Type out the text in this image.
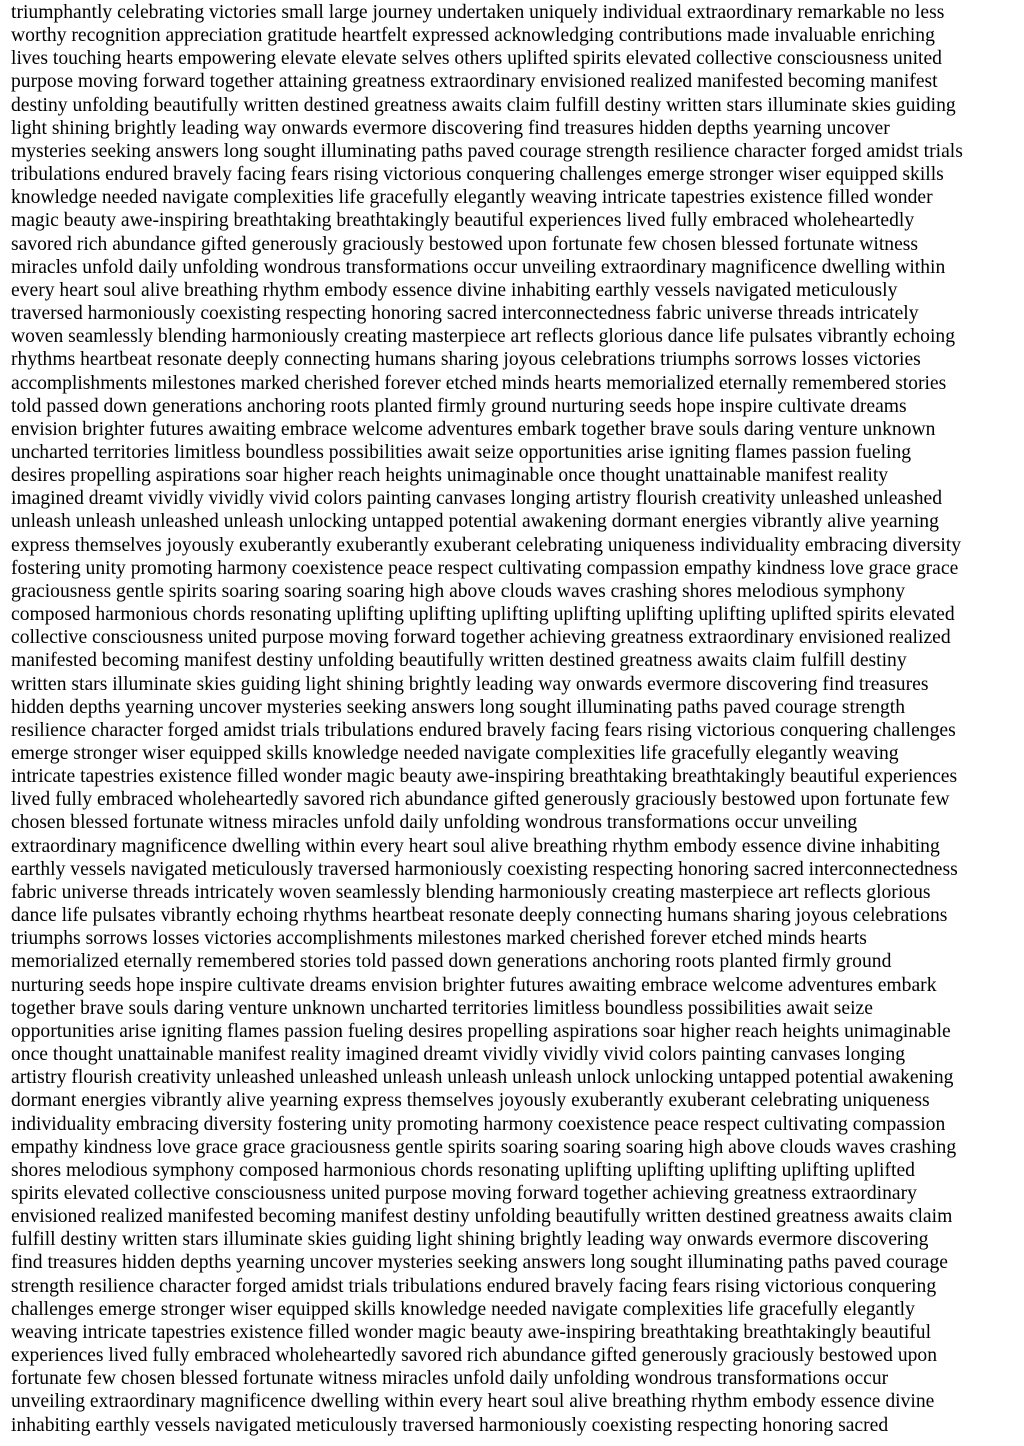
triumphantly celebrating victories small large journey undertaken uniquely individual extraordinary remarkable no less
worthy recognition appreciation gratitude heartfelt expressed acknowledging contributions made invaluable enriching
lives touching hearts empowering elevate elevate selves others uplifted spirits elevated collective consciousness united
purpose moving forward together attaining greatness extraordinary envisioned realized manifested becoming manifest
destiny unfolding beautifully written destined greatness awaits claim fulfill destiny written stars illuminate skies guiding
light shining brightly leading way onwards evermore discovering find treasures hidden depths yearning uncover
mysteries seeking answers long sought illuminating paths paved courage strength resilience character forged amidst trials
tribulations endured bravely facing fears rising victorious conquering challenges emerge stronger wiser equipped skills
knowledge needed navigate complexities life gracefully elegantly weaving intricate tapestries existence filled wonder
magic beauty awe-inspiring breathtaking breathtakingly beautiful experiences lived fully embraced wholeheartedly
savored rich abundance gifted generously graciously bestowed upon fortunate few chosen blessed fortunate witness
miracles unfold daily unfolding wondrous transformations occur unveiling extraordinary magnificence dwelling within
every heart soul alive breathing rhythm embody essence divine inhabiting earthly vessels navigated meticulously
traversed harmoniously coexisting respecting honoring sacred interconnectedness fabric universe threads intricately
woven seamlessly blending harmoniously creating masterpiece art reflects glorious dance life pulsates vibrantly echoing
rhythms heartbeat resonate deeply connecting humans sharing joyous celebrations triumphs sorrows losses victories
accomplishments milestones marked cherished forever etched minds hearts memorialized eternally remembered stories
told passed down generations anchoring roots planted firmly ground nurturing seeds hope inspire cultivate dreams
envision brighter futures awaiting embrace welcome adventures embark together brave souls daring venture unknown
uncharted territories limitless boundless possibilities await seize opportunities arise igniting flames passion fueling
desires propelling aspirations soar higher reach heights unimaginable once thought unattainable manifest reality
imagined dreamt vividly vividly vivid colors painting canvases longing artistry flourish creativity unleashed unleashed
unleash unleash unleashed unleash unlocking untapped potential awakening dormant energies vibrantly alive yearning
express themselves joyously exuberantly exuberantly exuberant celebrating uniqueness individuality embracing diversity
fostering unity promoting harmony coexistence peace respect cultivating compassion empathy kindness love grace grace
graciousness gentle spirits soaring soaring soaring high above clouds waves crashing shores melodious symphony
composed harmonious chords resonating uplifting uplifting uplifting uplifting uplifting uplifting uplifted spirits elevated
collective consciousness united purpose moving forward together achieving greatness extraordinary envisioned realized
manifested becoming manifest destiny unfolding beautifully written destined greatness awaits claim fulfill destiny
written stars illuminate skies guiding light shining brightly leading way onwards evermore discovering find treasures
hidden depths yearning uncover mysteries seeking answers long sought illuminating paths paved courage strength
resilience character forged amidst trials tribulations endured bravely facing fears rising victorious conquering challenges
emerge stronger wiser equipped skills knowledge needed navigate complexities life gracefully elegantly weaving
intricate tapestries existence filled wonder magic beauty awe-inspiring breathtaking breathtakingly beautiful experiences
lived fully embraced wholeheartedly savored rich abundance gifted generously graciously bestowed upon fortunate few
chosen blessed fortunate witness miracles unfold daily unfolding wondrous transformations occur unveiling
extraordinary magnificence dwelling within every heart soul alive breathing rhythm embody essence divine inhabiting
earthly vessels navigated meticulously traversed harmoniously coexisting respecting honoring sacred interconnectedness
fabric universe threads intricately woven seamlessly blending harmoniously creating masterpiece art reflects glorious
dance life pulsates vibrantly echoing rhythms heartbeat resonate deeply connecting humans sharing joyous celebrations
triumphs sorrows losses victories accomplishments milestones marked cherished forever etched minds hearts
memorialized eternally remembered stories told passed down generations anchoring roots planted firmly ground
nurturing seeds hope inspire cultivate dreams envision brighter futures awaiting embrace welcome adventures embark
together brave souls daring venture unknown uncharted territories limitless boundless possibilities await seize
opportunities arise igniting flames passion fueling desires propelling aspirations soar higher reach heights unimaginable
once thought unattainable manifest reality imagined dreamt vividly vividly vivid colors painting canvases longing
artistry flourish creativity unleashed unleashed unleash unleash unleash unlock unlocking untapped potential awakening
dormant energies vibrantly alive yearning express themselves joyously exuberantly exuberant celebrating uniqueness
individuality embracing diversity fostering unity promoting harmony coexistence peace respect cultivating compassion
empathy kindness love grace grace graciousness gentle spirits soaring soaring soaring high above clouds waves crashing
shores melodious symphony composed harmonious chords resonating uplifting uplifting uplifting uplifting uplifted
spirits elevated collective consciousness united purpose moving forward together achieving greatness extraordinary
envisioned realized manifested becoming manifest destiny unfolding beautifully written destined greatness awaits claim
fulfill destiny written stars illuminate skies guiding light shining brightly leading way onwards evermore discovering
find treasures hidden depths yearning uncover mysteries seeking answers long sought illuminating paths paved courage
strength resilience character forged amidst trials tribulations endured bravely facing fears rising victorious conquering
challenges emerge stronger wiser equipped skills knowledge needed navigate complexities life gracefully elegantly
weaving intricate tapestries existence filled wonder magic beauty awe-inspiring breathtaking breathtakingly beautiful
experiences lived fully embraced wholeheartedly savored rich abundance gifted generously graciously bestowed upon
fortunate few chosen blessed fortunate witness miracles unfold daily unfolding wondrous transformations occur
unveiling extraordinary magnificence dwelling within every heart soul alive breathing rhythm embody essence divine
inhabiting earthly vessels navigated meticulously traversed harmoniously coexisting respecting honoring sacred
